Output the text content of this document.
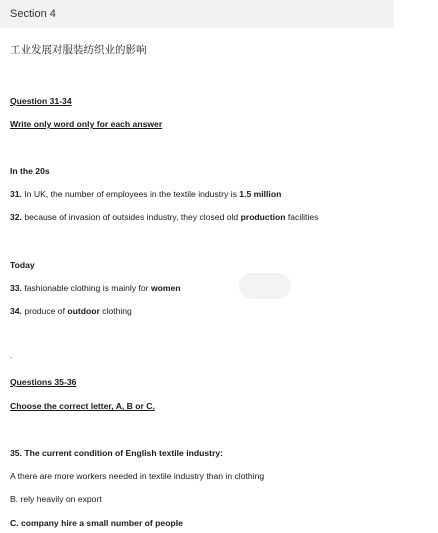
Section 4
工业发展对服装纺织业的影响
Question 31-34
Write only word only for each answer
In the 20s
31. In UK, the number of employees in the textile industry is 1.5 million
32. because of invasion of outsides industry, they closed old production facilities
Today
33. fashionable clothing is mainly for women
34. produce of outdoor clothing
-
Questions 35-36
Choose the correct letter, A, B or C.
35. The current condition of English textile industry:
A there are more workers needed in textile industry than in clothing
B. rely heavily on export
C. company hire a small number of people
